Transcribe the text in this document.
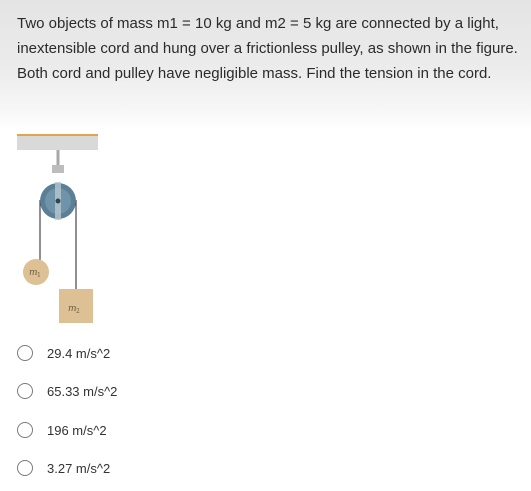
Two objects of mass m1 = 10 kg and m2 = 5 kg are connected by a light, inextensible cord and hung over a frictionless pulley, as shown in the figure. Both cord and pulley have negligible mass. Find the tension in the cord.

m 1
m 2
29.4 m/s^2
65.33 m/s^2
196 m/s^2
3.27 m/s^2
